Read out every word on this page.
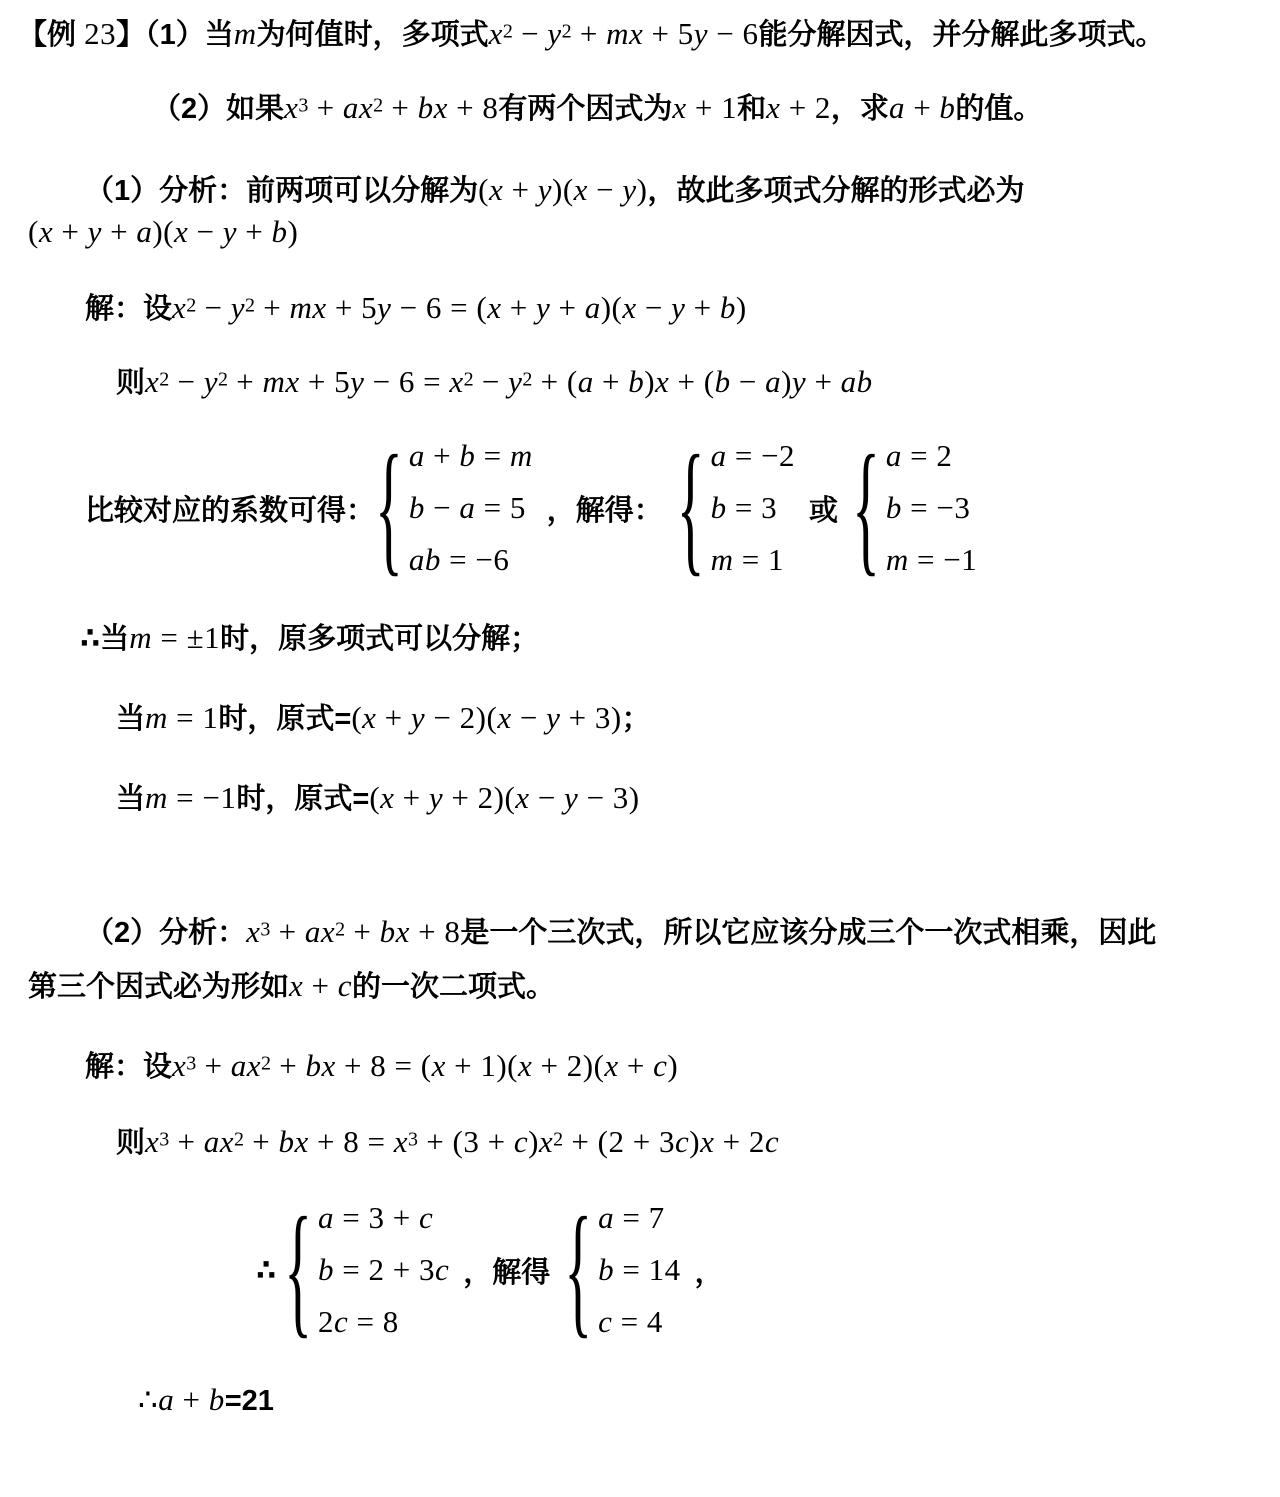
【例 23】（1）当m为何值时，多项式$x^2 - y^2$ + mx + 5y − 6能分解因式，并分解此多项式。
（2）如果$x^3 + ax^2$ + bx + 8有两个因式为x + 1和x + 2，求a + b的值。
（1）分析：前两项可以分解为(x + y)(x − y)，故此多项式分解的形式必为
(x + y + a)(x − y + b)
解：设$x^2 - y^2$ + mx + 5y − 6 = (x + y + a)(x − y + b)
则$x^2 - y^2$ + mx + $5y - 6 = x^2 - y^2 + (a + b)x + (b - a)y$ + ab
比较对应的系数可得： { a
+
b
=
m
b
−
a
=
5
a b
=
− 6
，解得： { a
=
− 2
b
=
3
m
=
1
或 { a
=
2
b
=
− 3
m
=
− 1
∴当m = ±1时，原多项式可以分解；
当m = 1时，原式=(x + y − 2)(x − y + 3)；
当m = −1时，原式=(x + y + 2)(x − y − 3)
（2）分析：$x^3 + ax^2$ + bx + 8是一个三次式，所以它应该分成三个一次式相乘，因此
第三个因式必为形如x + c的一次二项式。
解：设$x^3 + ax^2$ + bx + 8 = (x + 1)(x + 2)(x + c)
则$x^3 + ax^2$ + bx + $8 = x^3 + (3 + c)x^2 + (2 + 3c)x + 2c$
∴ { a
=
3
+
c
b
=
2
+
3 c
2 c
=
8
，解得 { a
=
7
b
=
1 4
c
=
4
，
∴a + b=21
